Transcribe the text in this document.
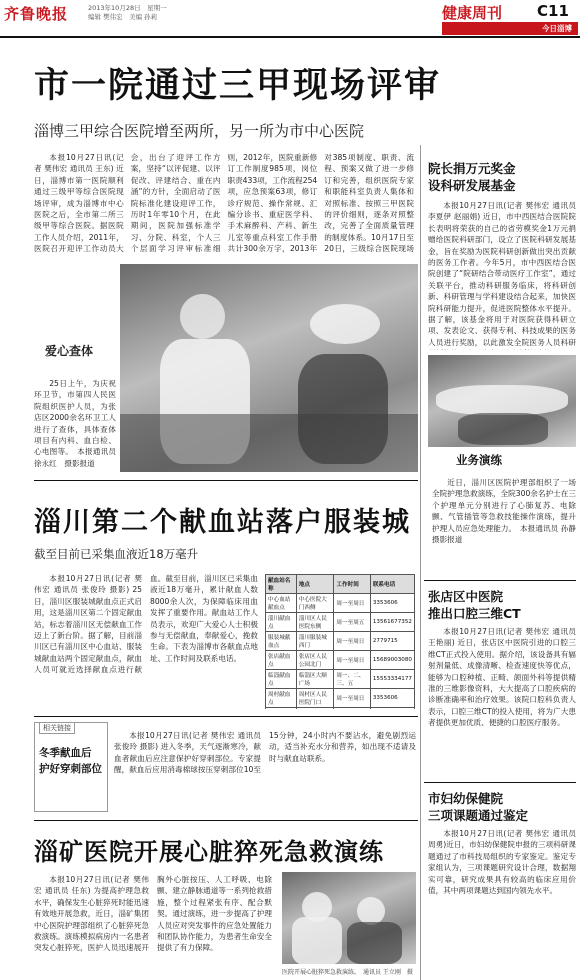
齐鲁晚报	2013年10月28日　星期一
编辑 樊伟宏　美编 孙莉	健康周刊 C11
今日淄博
市一院通过三甲现场评审
淄博三甲综合医院增至两所，另一所为市中心医院

本报10月27日讯(记者 樊伟宏 通讯员 王东) 近日，淄博市第一医院顺利通过三级甲等综合医院现场评审，成为淄博市中心医院之后，全市第二所三级甲等综合医院。据医院工作人员介绍，2011年，医院召开迎评工作动员大会，出台了迎评工作方案，坚持“以评促建、以评促改、评建结合、重在内涵”的方针，全面启动了医院标准化建设迎评工作，历时1年零10个月，在此期间，医院加强标准学习、分院、科室，个人三个层面学习评审标准细则，2012年，医院重新修订工作制度985项，岗位职责433项，工作流程254项，应急预案63项，修订诊疗规范、操作常规、汇编分诊书、重症医学科、手术麻醉科、产科、新生儿室等重点科室工作手册共计300余万字，2013年对385项制度、职责、流程、预案又做了进一步修订和完善，组织医院专家和职能科室负责人集体和对照标准、按照三甲医院的评价细则，逐条对照整改，完善了全面质量管理的制度体系。10月17日至20日，三级综合医院现场

爱心查体

25日上午，为庆祝环卫节，市第四人民医院组织医护人员，为张店区2000余名环卫工人进行了查体，具体查体项目有内科、血白检、心电图等。　本报通讯员 徐永红　摄影报道

淄川第二个献血站落户服装城
截至目前已采集血液近18万毫升

本报10月27日讯(记者 樊伟宏 通讯员 张俊玲 摄影) 25日，淄川区服装城献血点正式启用，这是淄川区第二个固定献血站，标志着淄川区无偿献血工作迈上了新台阶。据了解，目前淄川区已有淄川区中心血站、服装城献血站两个固定献血点，献血人员可就近选择献血点进行献血。截至目前，淄川区已采集血液近18万毫升，累计献血人数8000余人次，为保障临床用血发挥了重要作用。献血站工作人员表示，欢迎广大爱心人士积极参与无偿献血，奉献爱心，挽救生命。下表为淄博市各献血点地址、工作时间及联系电话。

献血站名称	地点	工作时间	联系电话
中心血站献血点	中心医院大门西侧	周一至周日	3353606
淄川献血点	淄川区人民医院东侧	周一至周五	13561677352
服装城献血点	淄川服装城西门	周一至周日	2779715
张店献血点	张店区人民公园北门	周一至周日	15689003080
临淄献血点	临淄区大顺广场	周一、二、三、五	15553334177
周村献血点	周村区人民医院门口	周一至周日	3353606

相关链接
冬季献血后
护好穿刺部位

本报10月27日讯(记者 樊伟宏 通讯员 张俊玲 摄影) 进入冬季，天气逐渐寒冷，献血者献血后应注意保护好穿刺部位。专家提醒，献血后应用消毒棉球按压穿刺部位10至15分钟，24小时内不要沾水，避免剧烈运动，适当补充水分和营养，如出现不适请及时与献血站联系。

淄矿医院开展心脏猝死急救演练

本报10月27日讯(记者 樊伟宏 通讯员 任东) 为提高护理急救水平，确保发生心脏猝死时能迅速有效地开展急救，近日，淄矿集团中心医院护理部组织了心脏猝死急救演练。演练模拟病房内一名患者突发心脏猝死，医护人员迅速展开胸外心脏按压、人工呼吸、电除颤、建立静脉通道等一系列抢救措施，整个过程紧张有序、配合默契。通过演练，进一步提高了护理人员应对突发事件的应急处置能力和团队协作能力，为患者生命安全提供了有力保障。

医院开展心脏猝死急救演练。　通讯员 王立刚　摄
院长捐万元奖金
设科研发展基金

本报10月27日讯(记者 樊伟宏 通讯员 李夏伊 赵丽娟) 近日，市中西医结合医院院长表明将荣获的自己的省劳模奖金1万元捐赠给医院科研部门，设立了医院科研发展基金，旨在奖励为医院科研创新做出突出贡献的医务工作者。今年5月，市中西医结合医院创建了“院研结合带动医疗工作室”，通过关联平台，推动科研服务临床，将科研创新、科研管理与学科建设结合起来，加快医院科研能力提升，促进医院整体水平提升。据了解，该基金将用于对医院获得科研立项、发表论文、获得专利、科技成果的医务人员进行奖励，以此激发全院医务人员科研

业务演练

近日，淄川区医院护理部组织了一场全院护理急救演练，全院300余名护士在三个护理单元分别进行了心肺复苏、电除颤、气管插管等急救技能操作演练，提升护理人员应急处理能力。　本报通讯员 孙静　摄影报道

张店区中医院
推出口腔三维CT

本报10月27日讯(记者 樊伟宏 通讯员 王艳丽) 近日，张店区中医院引进的口腔三维CT正式投入使用。据介绍，该设备具有辐射剂量低、成像清晰、检查速度快等优点，能够为口腔种植、正畸、颌面外科等提供精准的三维影像资料，大大提高了口腔疾病的诊断准确率和治疗效果。该院口腔科负责人表示，口腔三维CT的投入使用，将为广大患者提供更加优质、便捷的口腔医疗服务。

市妇幼保健院
三项课题通过鉴定

本报10月27日讯(记者 樊伟宏 通讯员 周勇)近日，市妇幼保健院申报的三项科研课题通过了市科技局组织的专家鉴定。鉴定专家组认为，三项课题研究设计合理，数据翔实可靠，研究成果具有较高的临床应用价值，其中两项课题达到国内领先水平。
